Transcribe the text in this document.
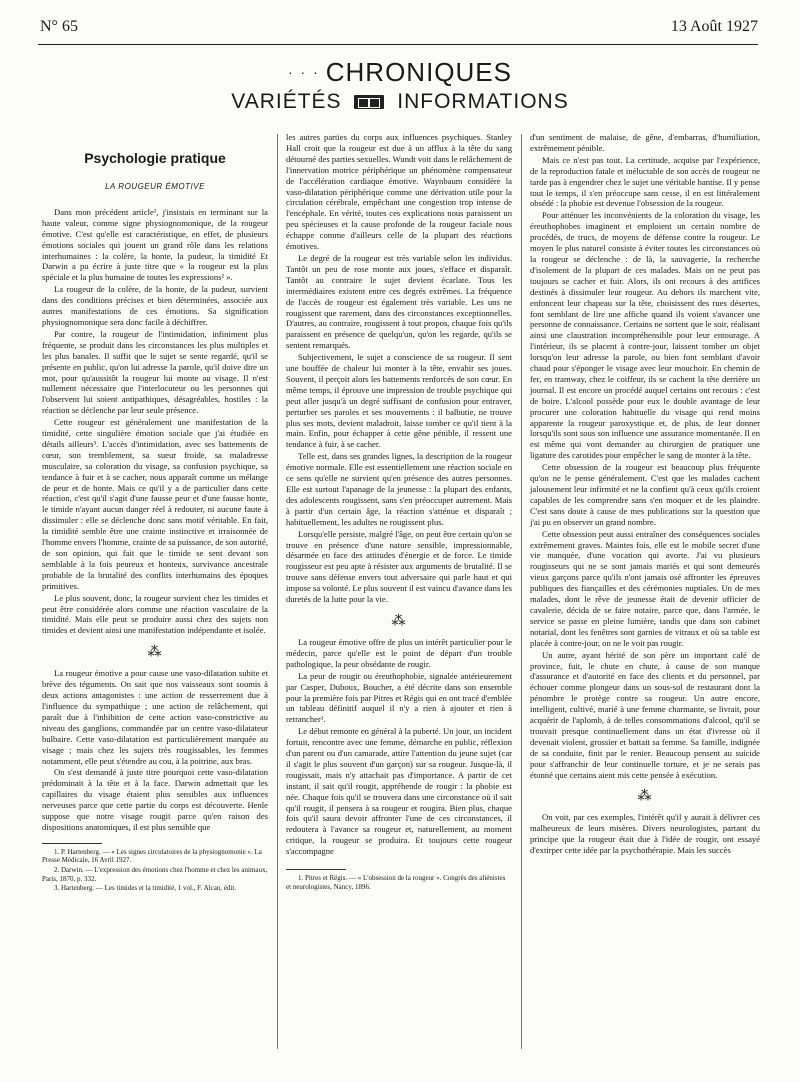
N° 65	13 Août 1927
· · · CHRONIQUES
VARIÉTÉS	INFORMATIONS
Psychologie pratique
LA ROUGEUR ÉMOTIVE

Dans mon précédent article¹, j'insistais en terminant sur la haute valeur, comme signe physiognomonique, de la rougeur émotive. C'est qu'elle est caractéristique, en effet, de plusieurs émotions sociales qui jouent un grand rôle dans les relations interhumaines : la colère, la honte, la pudeur, la timidité Et Darwin a pu écrire à juste titre que « la rougeur est la plus spéciale et la plus humaine de toutes les expressions² ».

La rougeur de la colère, de la honte, de la pudeur, survient dans des conditions précises et bien déterminées, associée aux autres manifestations de ces émotions. Sa signification physiognomonique sera donc facile à déchiffrer.

Par contre, la rougeur de l'intimidation, infiniment plus fréquente, se produit dans les circonstances les plus multiples et les plus banales. Il suffit que le sujet se sente regardé, qu'il se présente en public, qu'on lui adresse la parole, qu'il doive dire un mot, pour qu'aussitôt la rougeur lui monte au visage. Il n'est nullement nécessaire que l'interlocuteur ou les personnes qui l'observent lui soient antipathiques, désagréables, hostiles : la réaction se déclenche par leur seule présence.

Cette rougeur est généralement une manifestation de la timidité, cette singulière émotion sociale que j'ai étudiée en détails ailleurs³. L'accès d'intimidation, avec ses battements de cœur, son tremblement, sa sueur froide, sa maladresse musculaire, sa coloration du visage, sa confusion psychique, sa tendance à fuir et à se cacher, nous apparaît comme un mélange de peur et de honte. Mais ce qu'il y a de particulier dans cette réaction, c'est qu'il s'agit d'une fausse peur et d'une fausse honte, le timide n'ayant aucun danger réel à redouter, ni aucune faute à dissimuler : elle se déclenche donc sans motif véritable. En fait, la timidité semble être une crainte instinctive et irraisonnée de l'homme envers l'homme, crainte de sa puissance, de son autorité, de son opinion, qui fait que le timide se sent devant son semblable à la fois peureux et honteux, survivance ancestrale probable de la brutalité des conflits interhumains des époques primitives.

Le plus souvent, donc, la rougeur survient chez les timides et peut être considérée alors comme une réaction vasculaire de la timidité. Mais elle peut se produire aussi chez des sujets non timides et devient ainsi une manifestation indépendante et isolée.

⁂

La rougeur émotive a pour cause une vaso-dilatation subite et brève des téguments. On sait que nos vaisseaux sont soumis à deux actions antagonistes : une action de resserrement due à l'influence du sympathique ; une action de relâchement, qui paraît due à l'inhibition de cette action vaso-constrictive au niveau des ganglions, commandée par un centre vaso-dilatateur bulbaire. Cette vaso-dilatation est particulièrement marquée au visage ; mais chez les sujets très rougissables, les femmes notamment, elle peut s'étendre au cou, à la poitrine, aux bras.

On s'est demandé à juste titre pourquoi cette vaso-dilatation prédominait à la tête et à la face. Darwin admettait que les capillaires du visage étaient plus sensibles aux influences nerveuses parce que cette partie du corps est découverte. Henle suppose que notre visage rougit parce qu'en raison des dispositions anatomiques, il est plus sensible que

1. P. Hartenberg. — « Les signes circulatoires de la physiognomonie ». La Presse Médicale, 16 Avril 1927.

2. Darwin. — L'expression des émotions chez l'homme et chez les animaux, Paris, 1870, p. 332.

3. Hartenberg. — Les timides et la timidité, 1 vol., F. Alcan, édit.

les autres parties du corps aux influences psychiques. Stanley Hall croit que la rougeur est due à un afflux à la tête du sang détourné des parties sexuelles. Wundt voit dans le relâchement de l'innervation motrice périphérique un phénomène compensateur de l'accélération cardiaque émotive. Waynbaum considère la vaso-dilatation périphérique comme une dérivation utile pour la circulation cérébrale, empêchant une congestion trop intense de l'encéphale. En vérité, toutes ces explications nous paraissent un peu spécieuses et la cause profonde de la rougeur faciale nous échappe comme d'ailleurs celle de la plupart des réactions émotives.

Le degré de la rougeur est très variable selon les individus. Tantôt un peu de rose monte aux joues, s'efface et disparaît. Tantôt au contraire le sujet devient écarlate. Tous les intermédiaires existent entre ces degrés extrêmes. La fréquence de l'accès de rougeur est également très variable. Les uns ne rougissent que rarement, dans des circonstances exceptionnelles. D'autres, au contraire, rougissent à tout propos, chaque fois qu'ils paraissent en présence de quelqu'un, qu'on les regarde, qu'ils se sentent remarqués.

Subjectivement, le sujet a conscience de sa rougeur. Il sent une bouffée de chaleur lui monter à la tête, envahir ses joues. Souvent, il perçoit alors les battements renforcés de son cœur. En même temps, il éprouve une impression de trouble psychique qui peut aller jusqu'à un degré suffisant de confusion pour entraver, perturber ses paroles et ses mouvements : il balbutie, ne trouve plus ses mots, devient maladroit, laisse tomber ce qu'il tient à la main. Enfin, pour échapper à cette gêne pénible, il ressent une tendance à fuir, à se cacher.

Telle est, dans ses grandes lignes, la description de la rougeur émotive normale. Elle est essentiellement une réaction sociale en ce sens qu'elle ne survient qu'en présence des autres personnes. Elle est surtout l'apanage de la jeunesse : la plupart des enfants, des adolescents rougissent, sans s'en préoccuper autrement. Mais à partir d'un certain âge, la réaction s'atténue et disparaît ; habituellement, les adultes ne rougissent plus.

Lorsqu'elle persiste, malgré l'âge, on peut être certain qu'on se trouve en présence d'une nature sensible, impressionnable, désarmée en face des attitudes d'énergie et de force. Le timide rougisseur est peu apte à résister aux arguments de brutalité. Il se trouve sans défense envers tout adversaire qui parle haut et qui impose sa volonté. Le plus souvent il est vaincu d'avance dans les duretés de la lutte pour la vie.

⁂

La rougeur émotive offre de plus un intérêt particulier pour le médecin, parce qu'elle est le point de départ d'un trouble pathologique, la peur obsédante de rougir.

La peur de rougir ou éreuthophobie, signalée antérieurement par Casper, Duboux, Boucher, a été décrite dans son ensemble pour la première fois par Pitres et Régis qui en ont tracé d'emblée un tableau définitif auquel il n'y a rien à ajouter et rien à retrancher¹.

Le début remonte en général à la puberté. Un jour, un incident fortuit, rencontre avec une femme, démarche en public, réflexion d'un parent ou d'un camarade, attire l'attention du jeune sujet (car il s'agit le plus souvent d'un garçon) sur sa rougeur. Jusque-là, il rougissait, mais n'y attachait pas d'importance. A partir de cet instant, il sait qu'il rougit, appréhende de rougir : la phobie est née. Chaque fois qu'il se trouvera dans une circonstance où il sait qu'il rougit, il pensera à sa rougeur et rougira. Bien plus, chaque fois qu'il saura devoir affronter l'une de ces circonstances, il redoutera à l'avance sa rougeur et, naturellement, au moment critique, la rougeur se produira. Et toujours cette rougeur s'accompagne

1. Pitres et Régis. — « L'obsession de la rougeur ». Congrès des aliénistes et neurologistes, Nancy, 1896.

d'un sentiment de malaise, de gêne, d'embarras, d'humiliation, extrêmement pénible.

Mais ce n'est pas tout. La certitude, acquise par l'expérience, de la reproduction fatale et inéluctable de son accès de rougeur ne tarde pas à engendrer chez le sujet une véritable hantise. Il y pense tout le temps, il s'en préoccupe sans cesse, il en est littéralement obsédé : la phobie est devenue l'obsession de la rougeur.

Pour atténuer les inconvénients de la coloration du visage, les éreuthophobes imaginent et emploient un certain nombre de procédés, de trucs, de moyens de défense contre la rougeur. Le moyen le plus naturel consiste à éviter toutes les circonstances où la rougeur se déclenche : de là, la sauvagerie, la recherche d'isolement de la plupart de ces malades. Mais on ne peut pas toujours se cacher et fuir. Alors, ils ont recours à des artifices destinés à dissimuler leur rougeur. Au dehors ils marchent vite, enfoncent leur chapeau sur la tête, choisissent des rues désertes, font semblant de lire une affiche quand ils voient s'avancer une personne de connaissance. Certains ne sortent que le soir, réalisant ainsi une claustration incompréhensible pour leur entourage. A l'intérieur, ils se placent à contre-jour, laissent tomber un objet lorsqu'on leur adresse la parole, ou bien font semblant d'avoir chaud pour s'éponger le visage avec leur mouchoir. En chemin de fer, en tramway, chez le coiffeur, ils se cachent la tête derrière un journal. Il est encore un procédé auquel certains ont recours : c'est de boire. L'alcool possède pour eux le double avantage de leur procurer une coloration habituelle du visage qui rend moins apparente la rougeur paroxystique et, de plus, de leur donner lorsqu'ils sont sous son influence une assurance momentanée. Il en est même qui vont demander au chirurgien de pratiquer une ligature des carotides pour empêcher le sang de monter à la tête.

Cette obsession de la rougeur est beaucoup plus fréquente qu'on ne le pense généralement. C'est que les malades cachent jalousement leur infirmité et ne la confient qu'à ceux qu'ils croient capables de les comprendre sans s'en moquer et de les plaindre. C'est sans doute à cause de mes publications sur la question que j'ai pu en observer un grand nombre.

Cette obsession peut aussi entraîner des conséquences sociales extrêmement graves. Maintes fois, elle est le mobile secret d'une vie manquée, d'une vocation qui avorte. J'ai vu plusieurs rougisseurs qui ne se sont jamais mariés et qui sont demeurés vieux garçons parce qu'ils n'ont jamais osé affronter les épreuves publiques des fiançailles et des cérémonies nuptiales. Un de mes malades, dont le rêve de jeunesse était de devenir officier de cavalerie, décida de se faire notaire, parce que, dans l'armée, le service se passe en pleine lumière, tandis que dans son cabinet notarial, dont les fenêtres sont garnies de vitraux et où sa table est placée à contre-jour, on ne le voit pas rougir.

Un autre, ayant hérité de son père un important café de province, fuit, le chute en chute, à cause de son manque d'assurance et d'autorité en face des clients et du personnel, par échouer comme plongeur dans un sous-sol de restaurant dont la pénombre le protège contre sa rougeur. Un autre encore, intelligent, cultivé, marié à une femme charmante, se livrait, pour acquérir de l'aplomb, à de telles consommations d'alcool, qu'il se trouvait presque continuellement dans un état d'ivresse où il devenait violent, grossier et battait sa femme. Sa famille, indignée de sa conduite, finit par le renier. Beaucoup pensent au suicide pour s'affranchir de leur continuelle torture, et je ne serais pas étonné que certains aient mis cette pensée à exécution.

⁂

On voit, par ces exemples, l'intérêt qu'il y aurait à délivrer ces malheureux de leurs misères. Divers neurologistes, partant du principe que la rougeur était due à l'idée de rougir, ont essayé d'extirper cette idée par la psychothérapie. Mais les succès
